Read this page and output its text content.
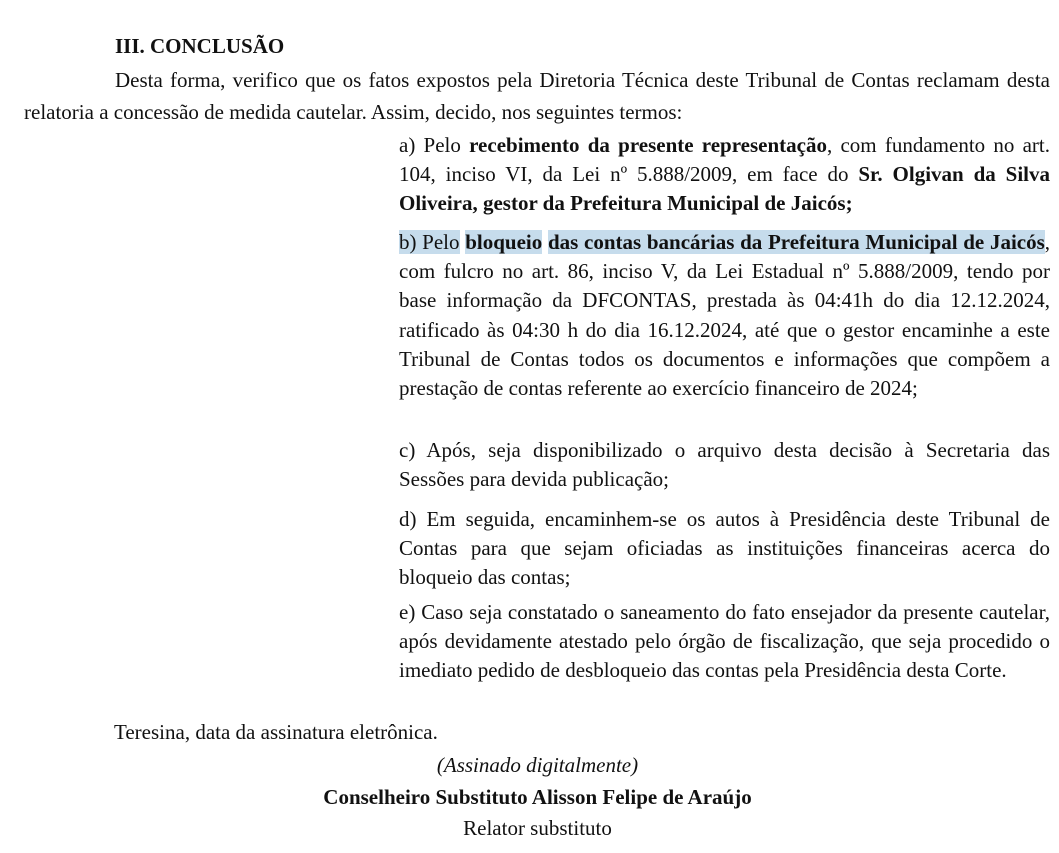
III. CONCLUSÃO

Desta forma, verifico que os fatos expostos pela Diretoria Técnica deste Tribunal de Contas reclamam desta relatoria a concessão de medida cautelar. Assim, decido, nos seguintes termos:

a) Pelo recebimento da presente representação, com fundamento no art. 104, inciso VI, da Lei nº 5.888/2009, em face do Sr. Olgivan da Silva Oliveira, gestor da Prefeitura Municipal de Jaicós;

b) Pelo bloqueio das contas bancárias da Prefeitura Municipal de Jaicós, com fulcro no art. 86, inciso V, da Lei Estadual nº 5.888/2009, tendo por base informação da DFCONTAS, prestada às 04:41h do dia 12.12.2024, ratificado às 04:30 h do dia 16.12.2024, até que o gestor encaminhe a este Tribunal de Contas todos os documentos e informações que compõem a prestação de contas referente ao exercício financeiro de 2024;

c) Após, seja disponibilizado o arquivo desta decisão à Secretaria das Sessões para devida publicação;

d) Em seguida, encaminhem-se os autos à Presidência deste Tribunal de Contas para que sejam oficiadas as instituições financeiras acerca do bloqueio das contas;

e) Caso seja constatado o saneamento do fato ensejador da presente cautelar, após devidamente atestado pelo órgão de fiscalização, que seja procedido o imediato pedido de desbloqueio das contas pela Presidência desta Corte.

Teresina, data da assinatura eletrônica.

(Assinado digitalmente)

Conselheiro Substituto Alisson Felipe de Araújo

Relator substituto
